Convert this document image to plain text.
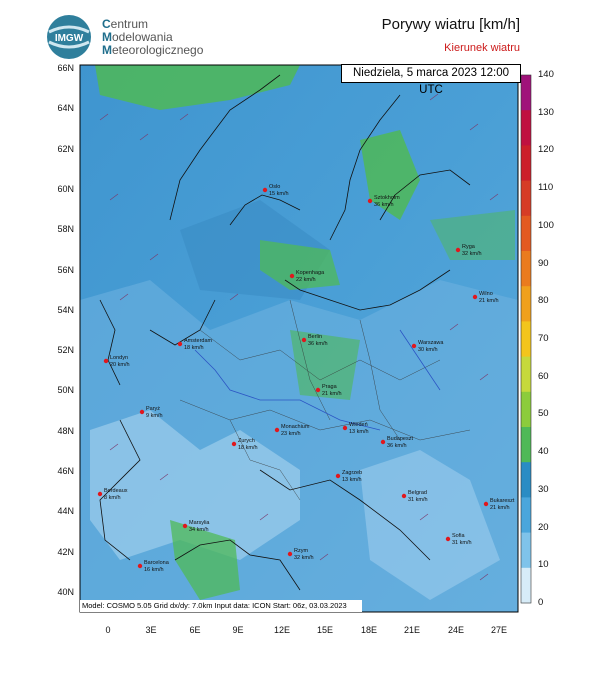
IMGW
Centrum
Modelowania
Meteorologicznego
Porywy wiatru [km/h]
Kierunek wiatru
Oslo
15 km/h
Sztokholm
36 km/h
Ryga
32 km/h
Kopenhaga
22 km/h
Wilno
21 km/h
Amsterdam
18 km/h
Berlin
36 km/h	Warszawa
30 km/h
Londyn
20 km/h
Praga
21 km/h
Paryż
9 km/h
Monachium
23 km/h
Wiedeń
13 km/h
Zurych
18 km/h
Budapeszt
36 km/h
Zagrzeb
13 km/h
Bordeaux
8 km/h
Belgrad
31 km/h	Bukareszt
21 km/h
Marsylia
34 km/h
Sofia
31 km/h
Rzym
32 km/h
Barcelona
16 km/h
Niedziela, 5 marca 2023 12:00 UTC
Model: COSMO 5.05 Grid dx/dy: 7.0km Input data: ICON Start: 06z, 03.03.2023
66N
64N
62N
60N
58N
56N
54N
52N
50N
48N
46N
44N
42N
40N
0	3E	6E	9E	12E	15E	18E	21E	24E	27E
140
130
120
110
100
90
80
70
60
50
40
30
20
10
0
